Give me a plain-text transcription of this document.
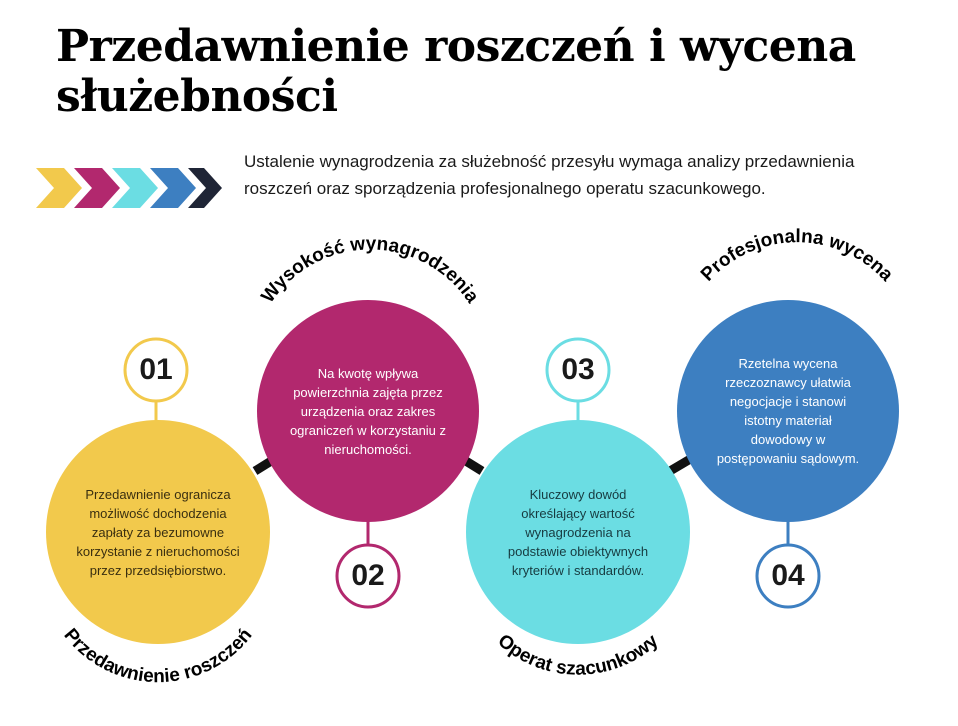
Przedawnienie roszczeń i wycena służebności

Ustalenie wynagrodzenia za służebność przesyłu wymaga analizy przedawnienia roszczeń oraz sporządzenia profesjonalnego operatu szacunkowego.

Przedawnienie roszczeń
Wysokość wynagrodzenia
Operat szacunkowy
Profesjonalna wycena
01
02
03
04
Przedawnienie ogranicza możliwość dochodzenia zapłaty za bezumowne korzystanie z nieruchomości przez przedsiębiorstwo.
Na kwotę wpływa powierzchnia zajęta przez urządzenia oraz zakres ograniczeń w korzystaniu z nieruchomości.
Kluczowy dowód określający wartość wynagrodzenia na podstawie obiektywnych kryteriów i standardów.
Rzetelna wycena rzeczoznawcy ułatwia negocjacje i stanowi istotny materiał dowodowy w postępowaniu sądowym.
